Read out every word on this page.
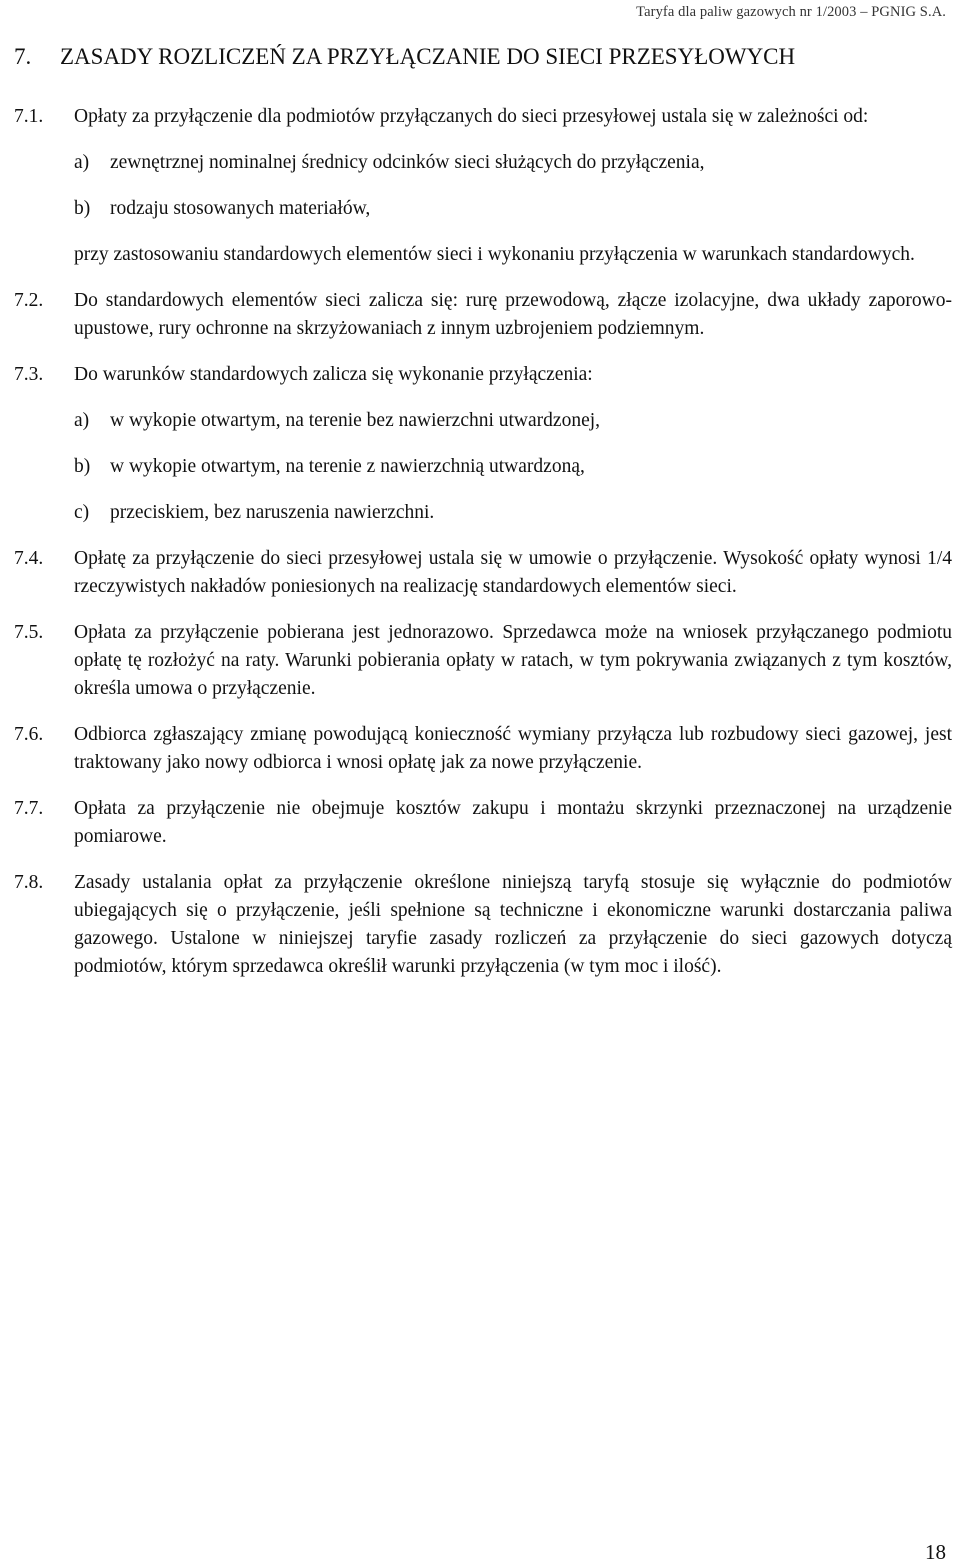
Taryfa dla paliw gazowych nr 1/2003 – PGNIG S.A.
7. ZASADY ROZLICZEŃ ZA PRZYŁĄCZANIE DO SIECI PRZESYŁOWYCH
7.1.	Opłaty za przyłączenie dla podmiotów przyłączanych do sieci przesyłowej ustala się w zależności od:

a)	zewnętrznej nominalnej średnicy odcinków sieci służących do przyłączenia,
b)	rodzaju stosowanych materiałów,

przy zastosowaniu standardowych elementów sieci i wykonaniu przyłączenia w warunkach standardowych.

7.2.	Do standardowych elementów sieci zalicza się: rurę przewodową, złącze izolacyjne, dwa układy zaporowo-upustowe, rury ochronne na skrzyżowaniach z innym uzbrojeniem podziemnym.

7.3.	Do warunków standardowych zalicza się wykonanie przyłączenia:

a)	w wykopie otwartym, na terenie bez nawierzchni utwardzonej,
b)	w wykopie otwartym, na terenie z nawierzchnią utwardzoną,
c)	przeciskiem, bez naruszenia nawierzchni.
7.4.	Opłatę za przyłączenie do sieci przesyłowej ustala się w umowie o przyłączenie. Wysokość opłaty wynosi 1/4 rzeczywistych nakładów poniesionych na realizację standardowych elementów sieci.

7.5.	Opłata za przyłączenie pobierana jest jednorazowo. Sprzedawca może na wniosek przyłączanego podmiotu opłatę tę rozłożyć na raty. Warunki pobierania opłaty w ratach, w tym pokrywania związanych z tym kosztów, określa umowa o przyłączenie.

7.6.	Odbiorca zgłaszający zmianę powodującą konieczność wymiany przyłącza lub rozbudowy sieci gazowej, jest traktowany jako nowy odbiorca i wnosi opłatę jak za nowe przyłączenie.

7.7.	Opłata za przyłączenie nie obejmuje kosztów zakupu i montażu skrzynki przeznaczonej na urządzenie pomiarowe.

7.8.	Zasady ustalania opłat za przyłączenie określone niniejszą taryfą stosuje się wyłącznie do podmiotów ubiegających się o przyłączenie, jeśli spełnione są techniczne i ekonomiczne warunki dostarczania paliwa gazowego. Ustalone w niniejszej taryfie zasady rozliczeń za przyłączenie do sieci gazowych dotyczą podmiotów, którym sprzedawca określił warunki przyłączenia (w tym moc i ilość).

18
